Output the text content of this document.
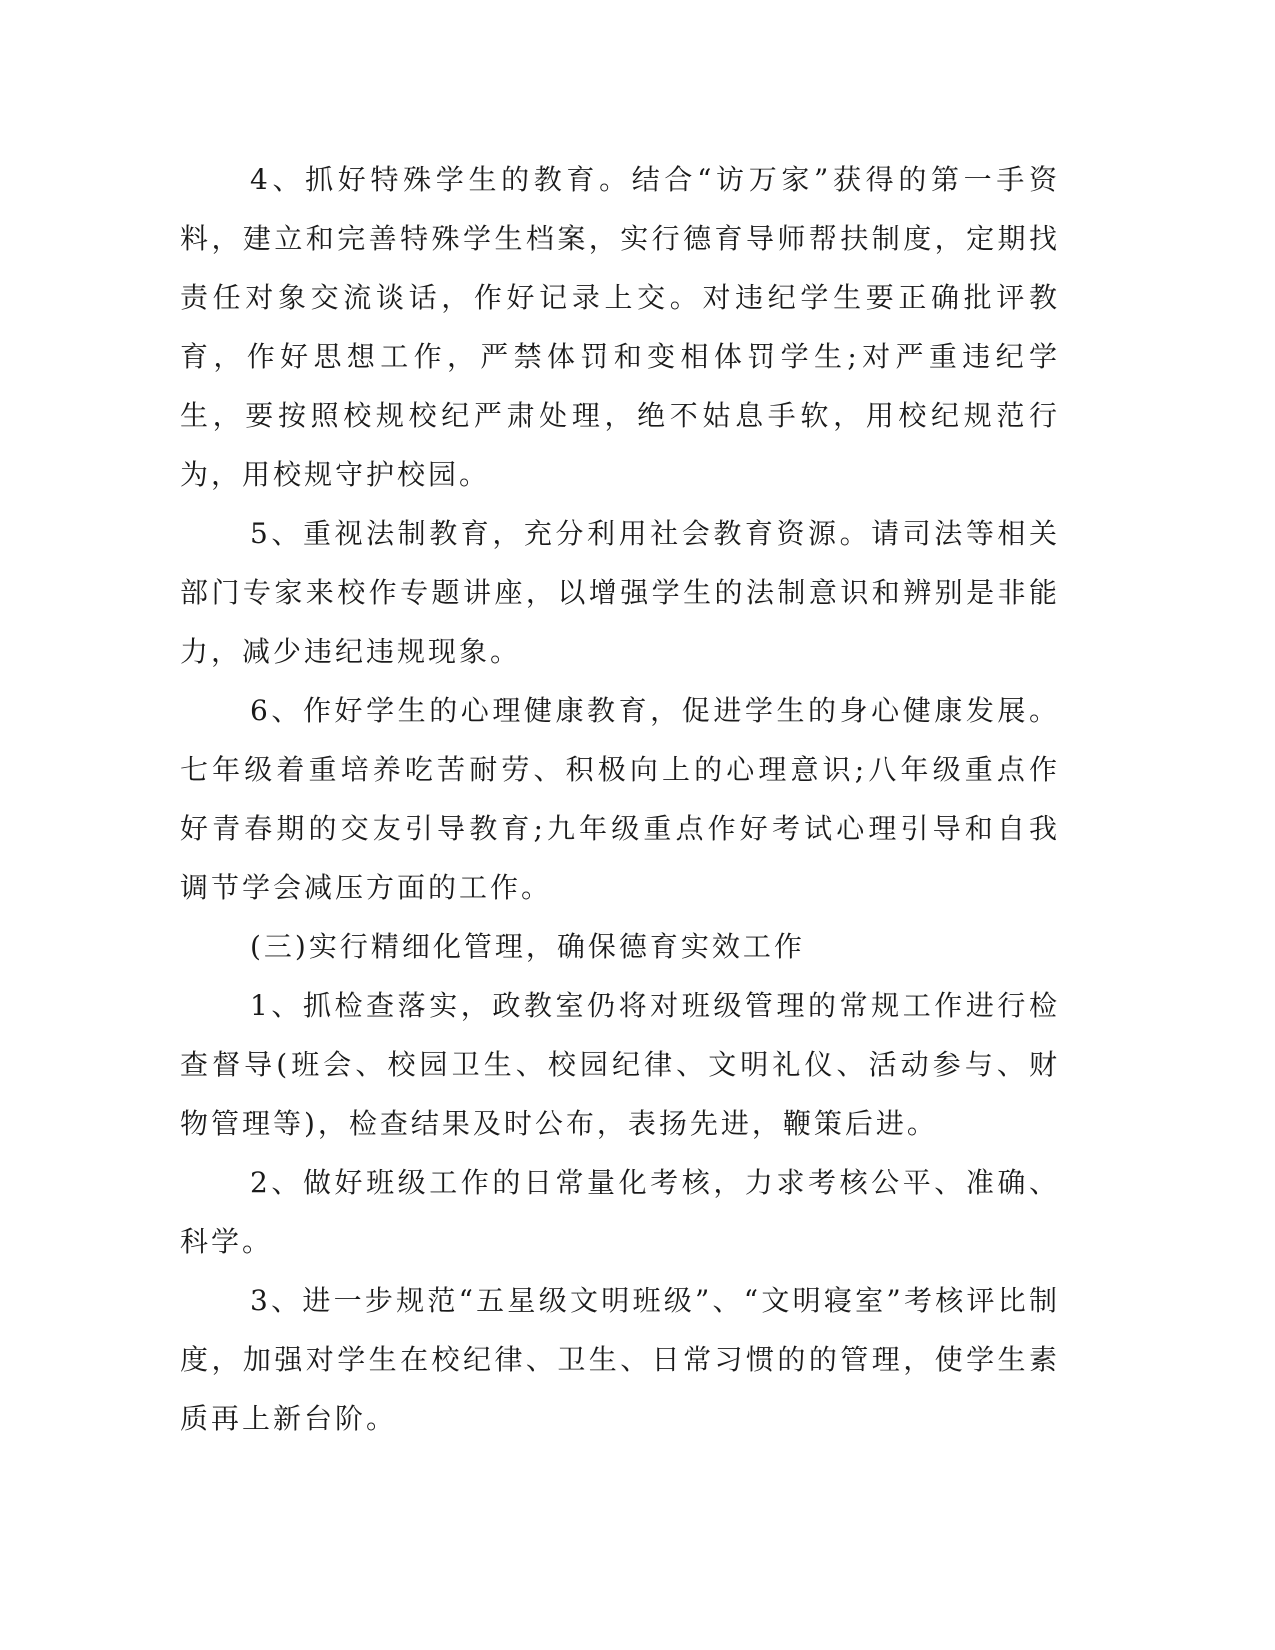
4、抓好特殊学生的教育。结合“访万家”获得的第一手资料，建立和完善特殊学生档案，实行德育导师帮扶制度，定期找责任对象交流谈话，作好记录上交。对违纪学生要正确批评教育，作好思想工作，严禁体罚和变相体罚学生;对严重违纪学生，要按照校规校纪严肃处理，绝不姑息手软，用校纪规范行为，用校规守护校园。

5、重视法制教育，充分利用社会教育资源。请司法等相关部门专家来校作专题讲座，以增强学生的法制意识和辨别是非能力，减少违纪违规现象。

6、作好学生的心理健康教育，促进学生的身心健康发展。七年级着重培养吃苦耐劳、积极向上的心理意识;八年级重点作好青春期的交友引导教育;九年级重点作好考试心理引导和自我调节学会减压方面的工作。

(三)实行精细化管理，确保德育实效工作

1、抓检查落实，政教室仍将对班级管理的常规工作进行检查督导(班会、校园卫生、校园纪律、文明礼仪、活动参与、财物管理等)，检查结果及时公布，表扬先进，鞭策后进。

2、做好班级工作的日常量化考核，力求考核公平、准确、科学。

3、进一步规范“五星级文明班级”、“文明寝室”考核评比制度，加强对学生在校纪律、卫生、日常习惯的的管理，使学生素质再上新台阶。
